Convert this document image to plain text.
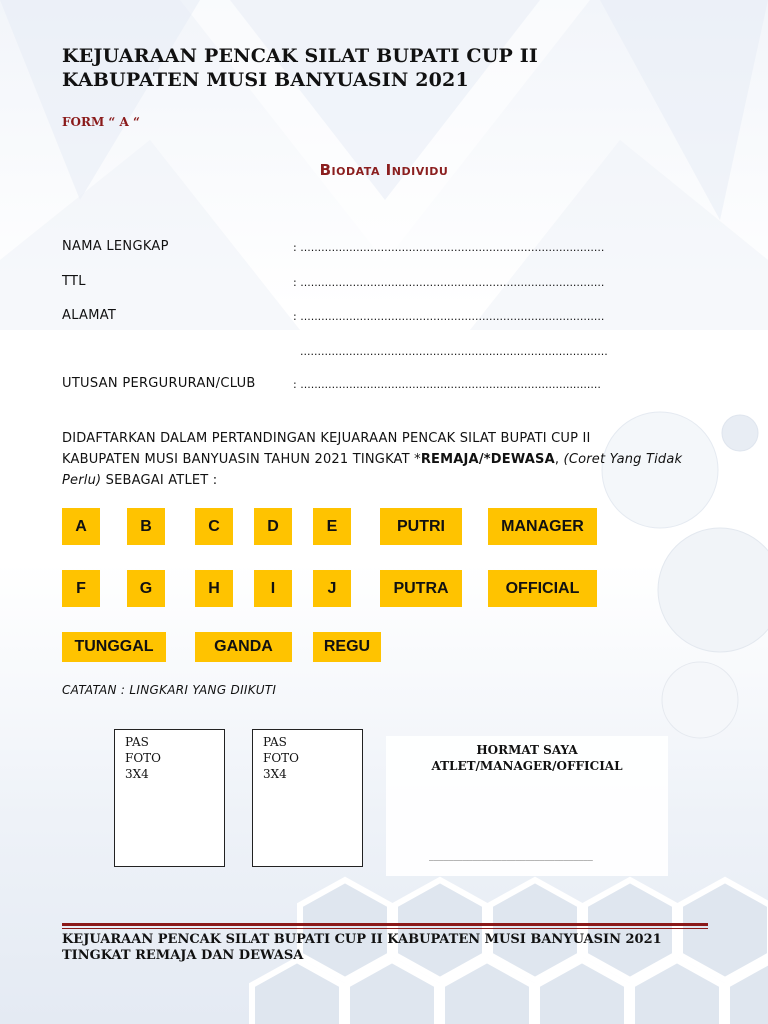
KEJUARAAN PENCAK SILAT BUPATI CUP II
KABUPATEN MUSI BANYUASIN 2021
FORM “ A “
Biodata Individu
NAMA LENGKAP	: .......................................................................................
TTL	: .......................................................................................
ALAMAT	: .......................................................................................
........................................................................................
UTUSAN PERGURURAN/CLUB	: ......................................................................................
DIDAFTARKAN DALAM PERTANDINGAN KEJUARAAN PENCAK SILAT BUPATI CUP II
KABUPATEN MUSI BANYUASIN TAHUN 2021 TINGKAT *REMAJA/*DEWASA, (Coret Yang Tidak
Perlu) SEBAGAI ATLET :
A	B	C	D	E	PUTRI	MANAGER
F	G	H	I	J	PUTRA	OFFICIAL
TUNGGAL	GANDA	REGU
CATATAN : LINGKARI YANG DIIKUTI
PAS
FOTO
3X4
PAS
FOTO
3X4
HORMAT SAYA
ATLET/MANAGER/OFFICIAL
__________________________________
KEJUARAAN PENCAK SILAT BUPATI CUP II KABUPATEN MUSI BANYUASIN 2021
TINGKAT REMAJA DAN DEWASA
